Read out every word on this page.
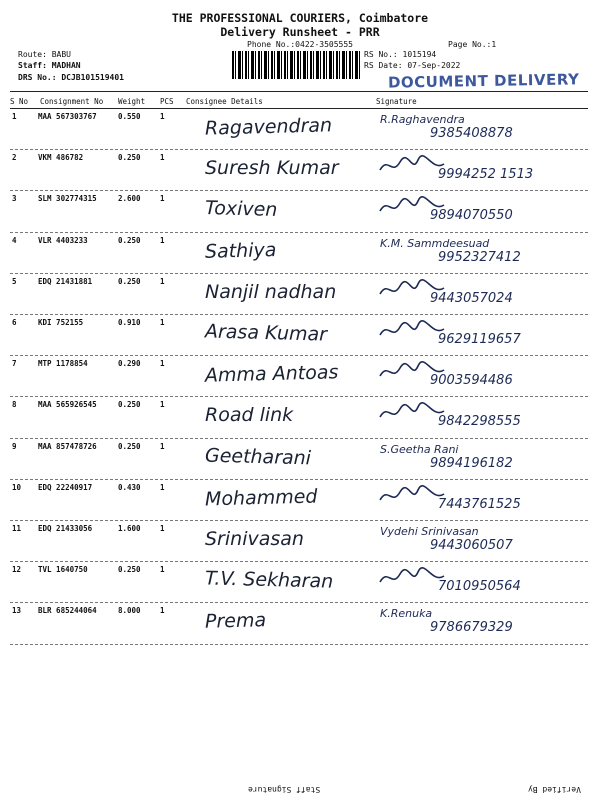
THE PROFESSIONAL COURIERS, Coimbatore
Delivery Runsheet - PRR
Phone No.:0422-3505555	Page No.:1
Route: BABU
Staff: MADHAN
DRS No.: DCJB101519401
RS No.: 1015194
RS Date: 07-Sep-2022
DOCUMENT DELIVERY
S No Consignment No Weight PCS Consignee Details	Signature
1	MAA 567303767	0.550	1 Ragavendran	R.Raghavendra
9385408878
2	VKM 486782	0.250	1 Suresh Kumar	9994252 1513
3	SLM 302774315	2.600	1 Toxiven	9894070550
4	VLR 4403233	0.250	1 Sathiya	K.M. Sammdeesuad
9952327412
5	EDQ 21431881	0.250	1 Nanjil nadhan	9443057024
6	KDI 752155	0.910	1 Arasa Kumar	9629119657
7	MTP 1178854	0.290	1 Amma Antoas	9003594486
8	MAA 565926545	0.250	1 Road link	9842298555
9	MAA 857478726	0.250	1 Geetharani	S.Geetha Rani
9894196182
10 EDQ 22240917	0.430	1 Mohammed	7443761525
11 EDQ 21433056	1.600	1 Srinivasan	Vydehi Srinivasan
9443060507
12 TVL 1640750	0.250	1 T.V. Sekharan	7010950564
13 BLR 685244064	8.000	1 Prema	K.Renuka
9786679329
Staff Signature	Verified By
